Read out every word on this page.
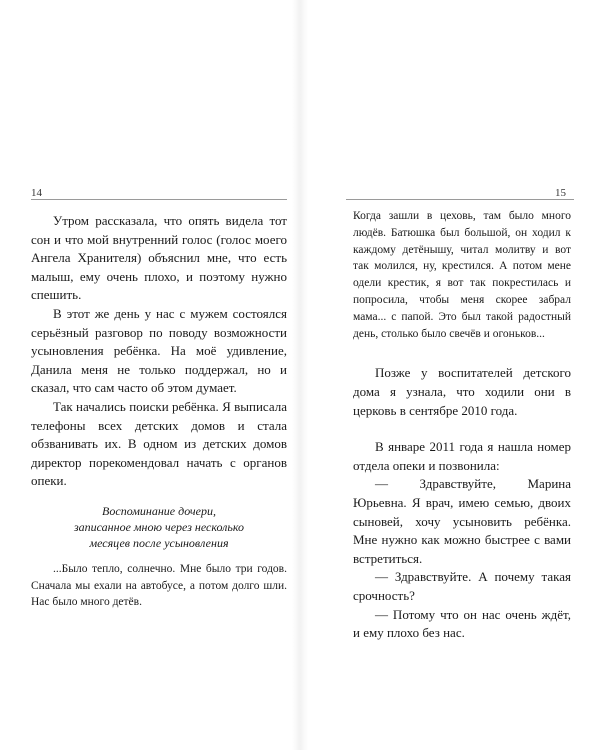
14

Утром рассказала, что опять видела тот сон и что мой внутренний голос (голос моего Ангела Хранителя) объяснил мне, что есть малыш, ему очень плохо, и поэтому нужно спешить.

В этот же день у нас с мужем состоялся серьёзный разговор по поводу возможности усыновления ребёнка. На моё удивление, Данила меня не только поддержал, но и сказал, что сам часто об этом думает.

Так начались поиски ребёнка. Я выписала телефоны всех детских домов и стала обзванивать их. В одном из детских домов директор порекомендовал начать с органов опеки.

Воспоминание дочери,
записанное мною через несколько
месяцев после усыновления

...Было тепло, солнечно. Мне было три годов. Сначала мы ехали на автобусе, а потом долго шли. Нас было много детёв.

15

Когда зашли в цеховь, там было много людёв. Батюшка был большой, он ходил к каждому детёнышу, читал молитву и вот так молился, ну, крестился. А потом мене одели крестик, я вот так покрестилась и попросила, чтобы меня скорее забрал мама... с папой. Это был такой радостный день, столько было свечёв и огоньков...

Позже у воспитателей детского дома я узнала, что ходили они в церковь в сентябре 2010 года.

В январе 2011 года я нашла номер отдела опеки и позвонила:

— Здравствуйте, Марина Юрьевна. Я врач, имею семью, двоих сыновей, хочу усыновить ребёнка. Мне нужно как можно быстрее с вами встретиться.

— Здравствуйте. А почему такая срочность?

— Потому что он нас очень ждёт, и ему плохо без нас.
